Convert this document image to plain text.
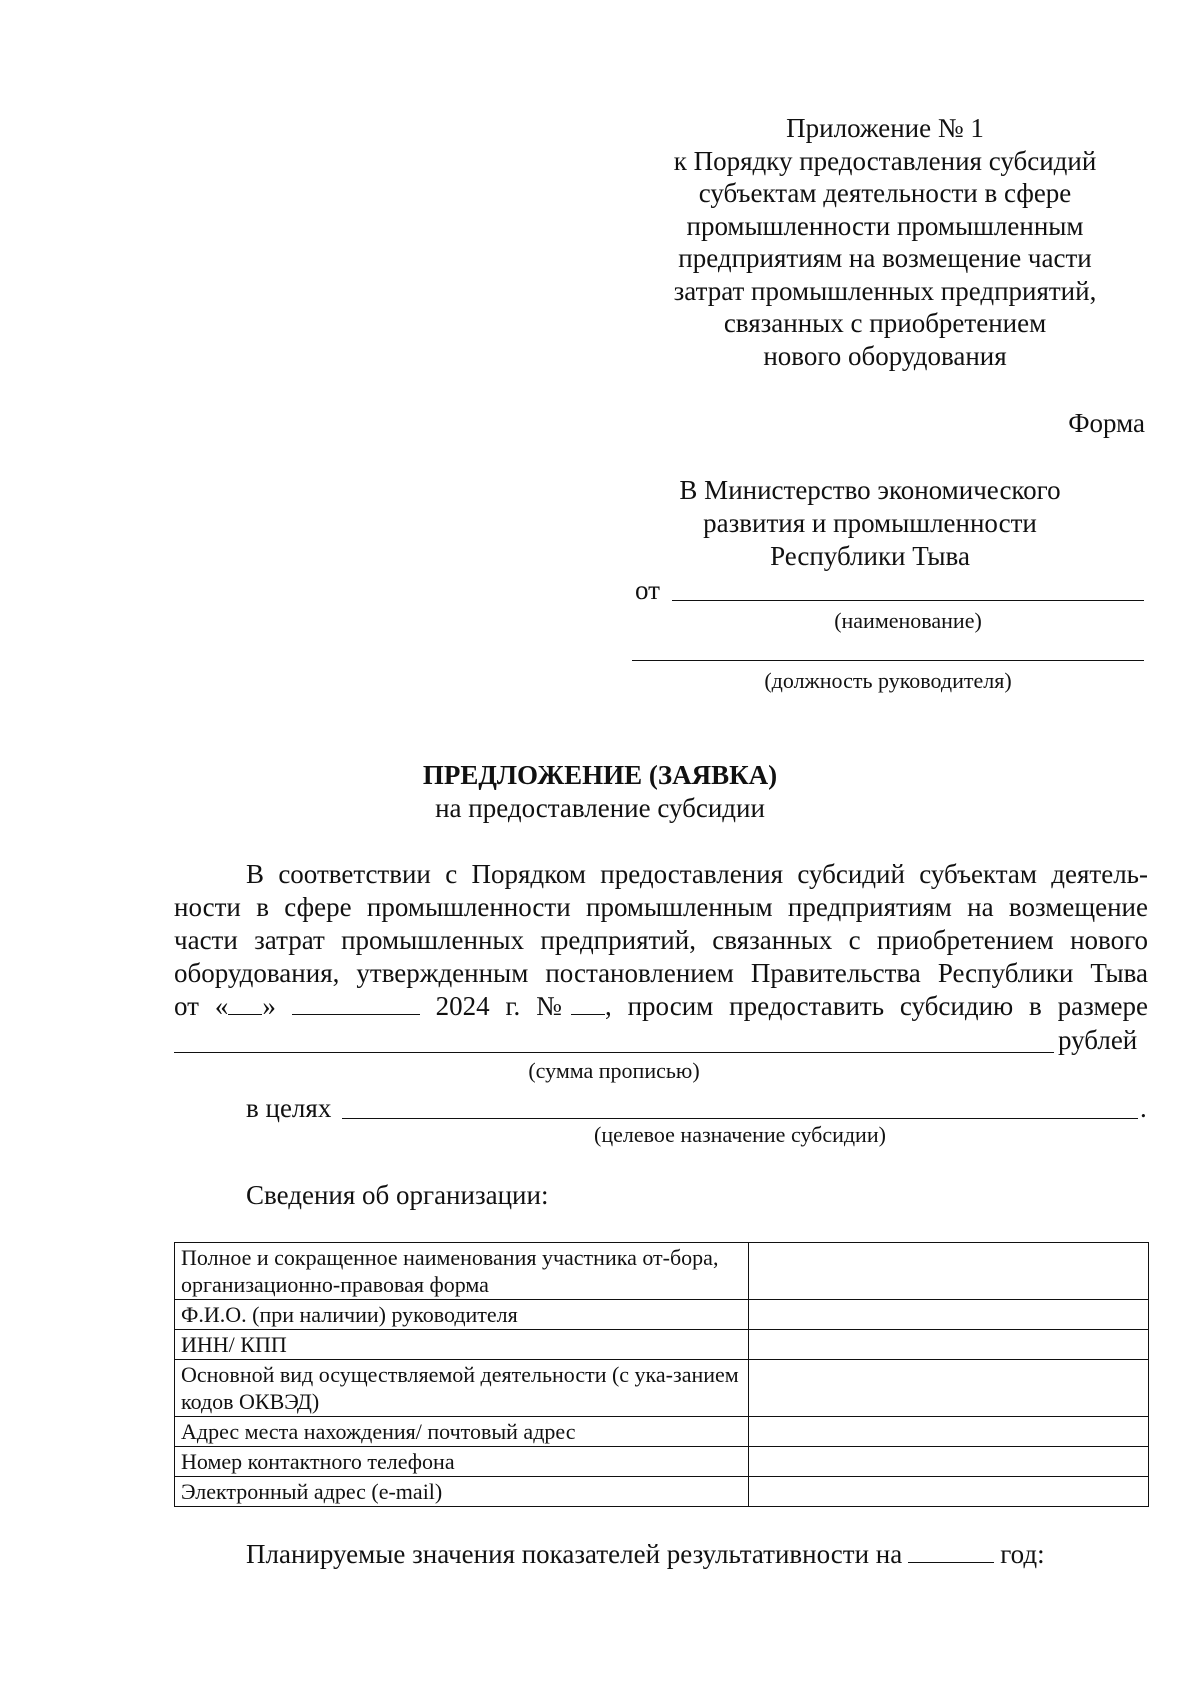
Приложение № 1
к Порядку предоставления субсидий
субъектам деятельности в сфере
промышленности промышленным
предприятиям на возмещение части
затрат промышленных предприятий,
связанных с приобретением
нового оборудования
Форма
В Министерство экономического
развития и промышленности
Республики Тыва
от
(наименование)
(должность руководителя)
ПРЕДЛОЖЕНИЕ (ЗАЯВКА)
на предоставление субсидии
В соответствии с Порядком предоставления субсидий субъектам деятель-
ности в сфере промышленности промышленным предприятиям на возмещение
части затрат промышленных предприятий, связанных с приобретением нового
оборудования, утвержденным постановлением Правительства Республики Тыва
от « »	2024 г. № , просим предоставить субсидию в размере
рублей
(сумма прописью)
в целях	.
(целевое назначение субсидии)
Сведения об организации:
Полное и сокращенное наименования участника от-бора, организационно-правовая форма	
Ф.И.О. (при наличии) руководителя	
ИНН/ КПП	
Основной вид осуществляемой деятельности (с ука-занием кодов ОКВЭД)	
Адрес места нахождения/ почтовый адрес	
Номер контактного телефона	
Электронный адрес (e-mail)	
Планируемые значения показателей результативности на	год:
